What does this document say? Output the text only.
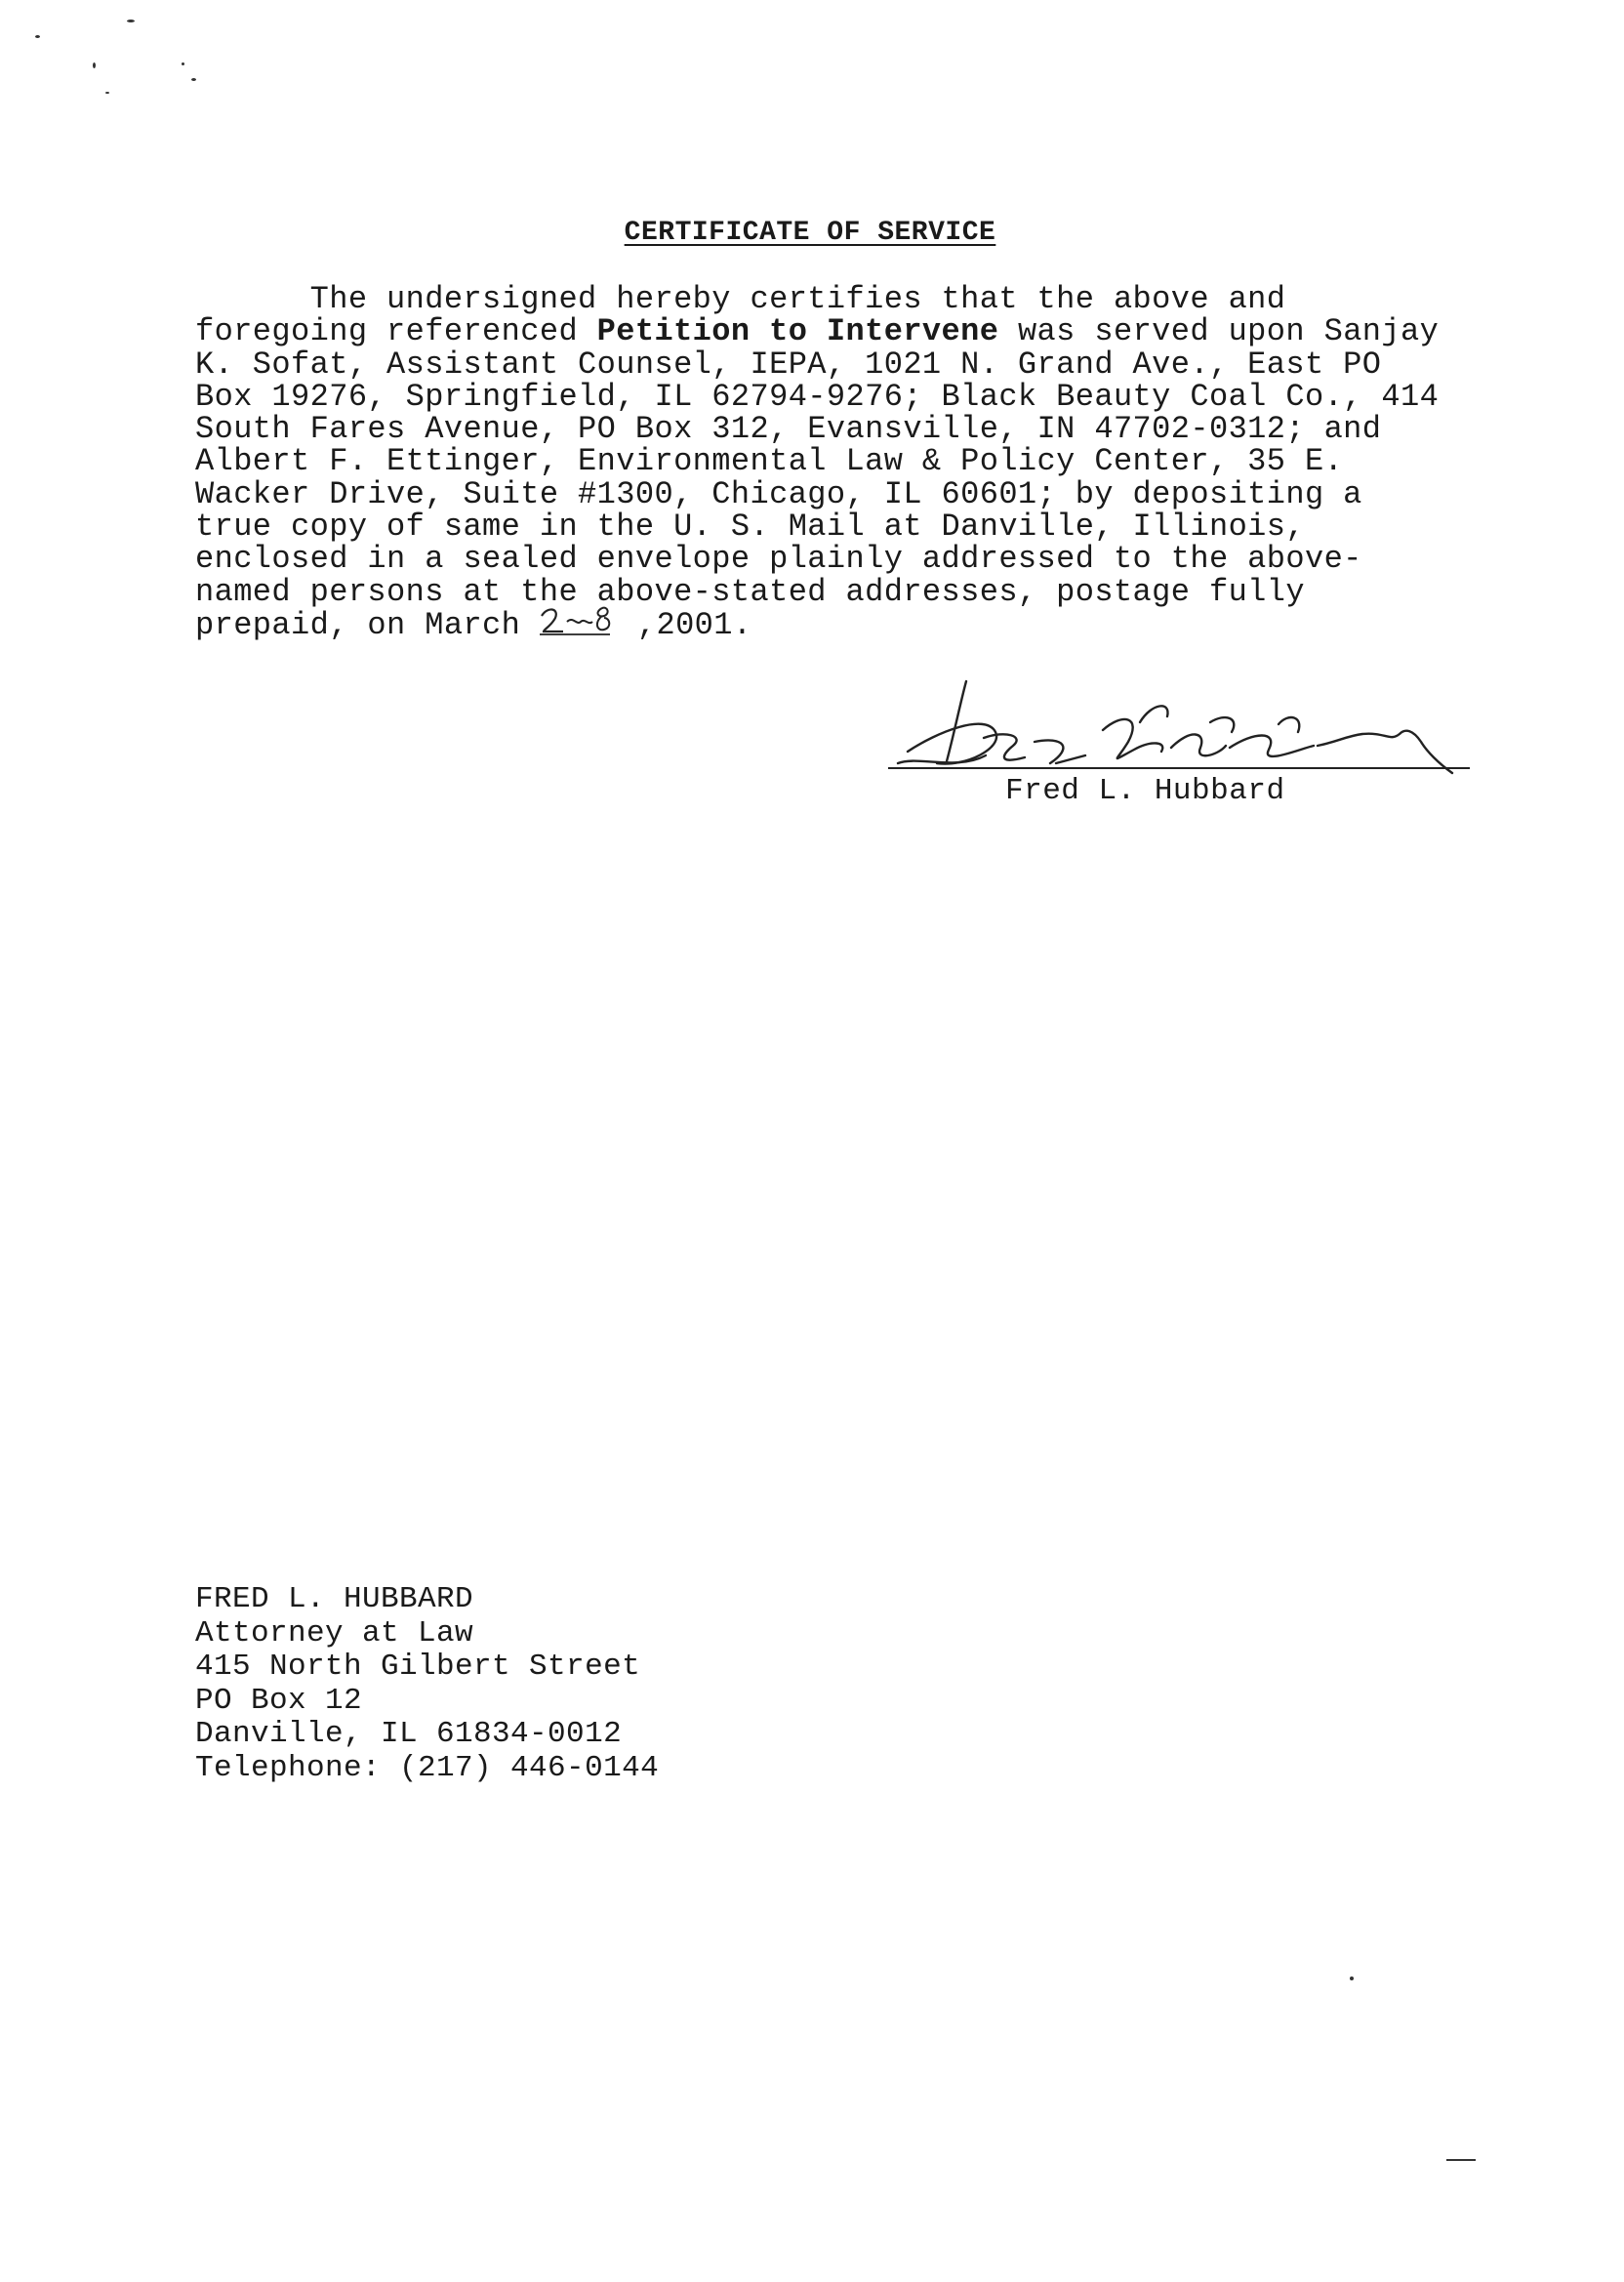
CERTIFICATE OF SERVICE
The undersigned hereby certifies that the above and
foregoing referenced Petition to Intervene was served upon Sanjay
K. Sofat, Assistant Counsel, IEPA, 1021 N. Grand Ave., East PO
Box 19276, Springfield, IL 62794-9276; Black Beauty Coal Co., 414
South Fares Avenue, PO Box 312, Evansville, IN 47702-0312; and
Albert F. Ettinger, Environmental Law & Policy Center, 35 E.
Wacker Drive, Suite #1300, Chicago, IL 60601; by depositing a
true copy of same in the U. S. Mail at Danville, Illinois,
enclosed in a sealed envelope plainly addressed to the above-
named persons at the above-stated addresses, postage fully
prepaid, on March	,2001.
Fred L. Hubbard
FRED L. HUBBARD
Attorney at Law
415 North Gilbert Street
PO Box 12
Danville, IL 61834-0012
Telephone: (217) 446-0144
